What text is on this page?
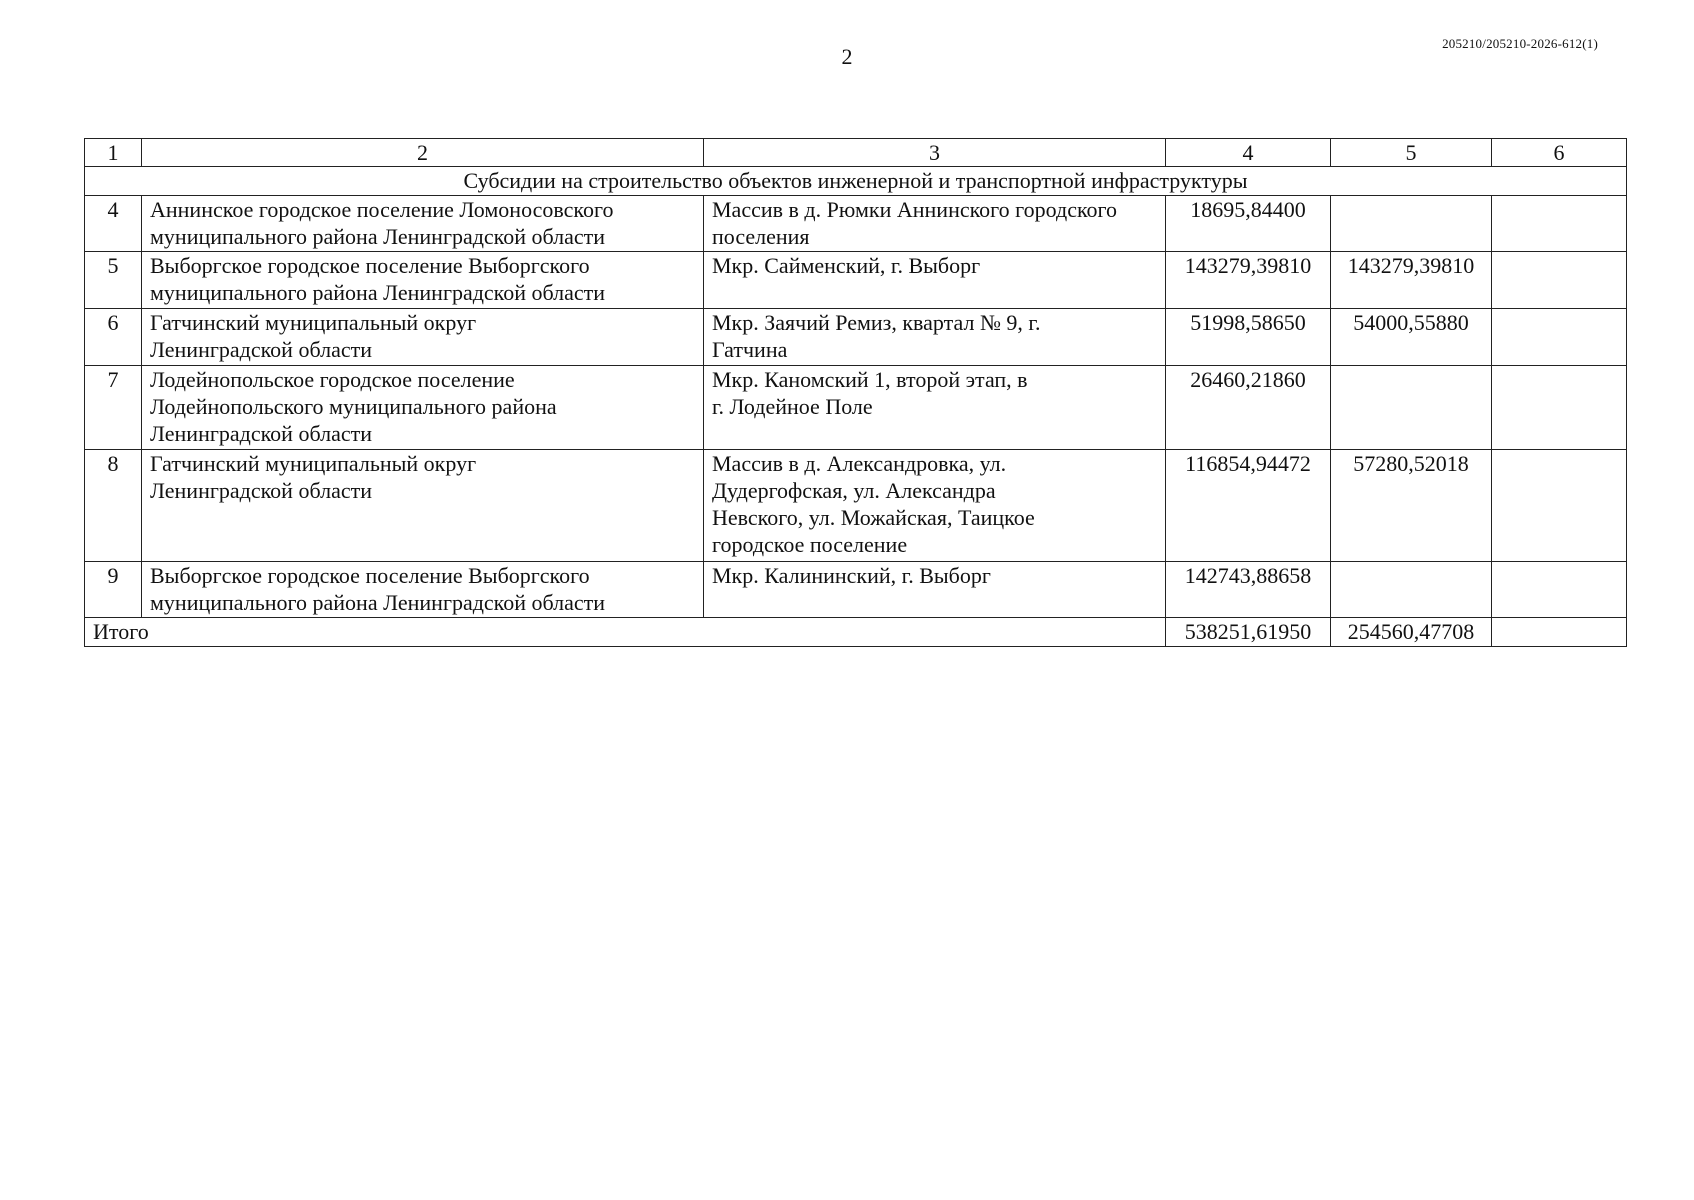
2
205210/205210-2026-612(1)
1	2	3	4	5	6
Субсидии на строительство объектов инженерной и транспортной инфраструктуры					
4	Аннинское городское поселение Ломоносовского муниципального района Ленинградской области	Массив в д. Рюмки Аннинского городского поселения	18695,84400		
5	Выборгское городское поселение Выборгского муниципального района Ленинградской области	Мкр. Сайменский, г. Выборг	143279,39810	143279,39810	
6	Гатчинский муниципальный округ Ленинградской области	Мкр. Заячий Ремиз, квартал № 9, г. Гатчина	51998,58650	54000,55880	
7	Лодейнопольское городское поселение Лодейнопольского муниципального района Ленинградской области	Мкр. Каномский 1, второй этап, в г. Лодейное Поле	26460,21860		
8	Гатчинский муниципальный округ Ленинградской области	Массив в д. Александровка, ул. Дудергофская, ул. Александра Невского, ул. Можайская, Таицкое городское поселение	116854,94472	57280,52018	
9	Выборгское городское поселение Выборгского муниципального района Ленинградской области	Мкр. Калининский, г. Выборг	142743,88658		
Итого			538251,61950	254560,47708	
